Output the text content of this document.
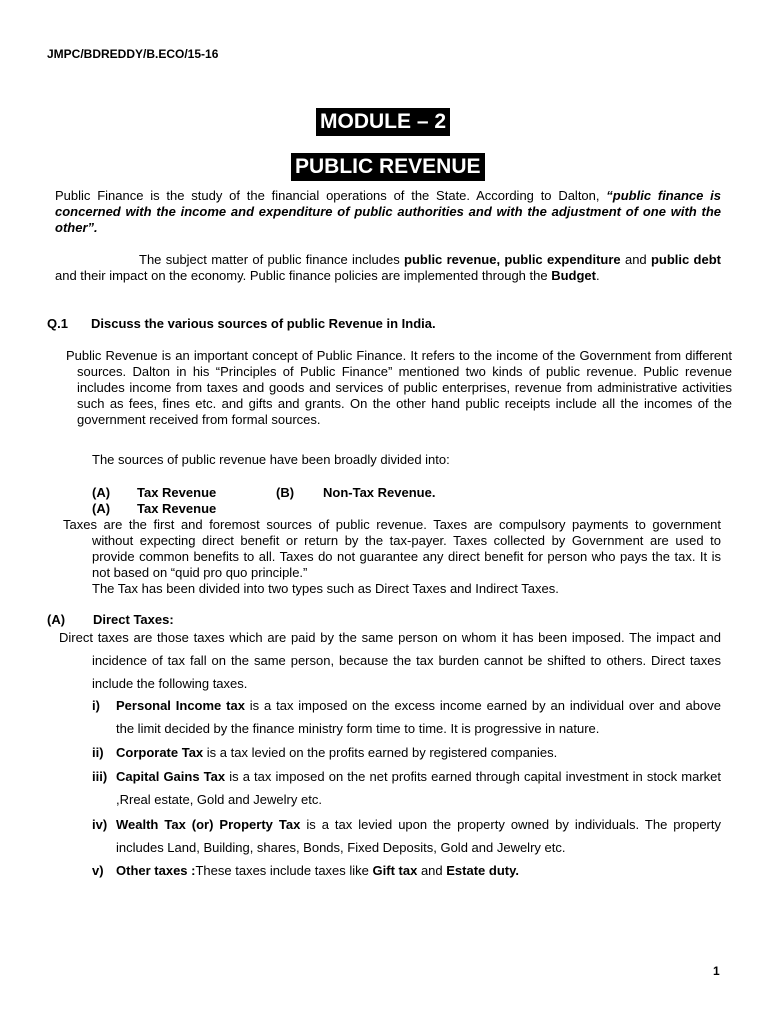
JMPC/BDREDDY/B.ECO/15-16
MODULE – 2
PUBLIC REVENUE
Public Finance is the study of the financial operations of the State. According to Dalton, “public finance is concerned with the income and expenditure of public authorities and with the adjustment of one with the other”.
The subject matter of public finance includes public revenue, public expenditure and public debt and their impact on the economy. Public finance policies are implemented through the Budget.
Q.1 Discuss the various sources of public Revenue in India.
Public Revenue is an important concept of Public Finance. It refers to the income of the Government from different sources. Dalton in his “Principles of Public Finance” mentioned two kinds of public revenue. Public revenue includes income from taxes and goods and services of public enterprises, revenue from administrative activities such as fees, fines etc. and gifts and grants. On the other hand public receipts include all the incomes of the government received from formal sources.
The sources of public revenue have been broadly divided into:
(A) Tax Revenue	(B) Non-Tax Revenue.
(A) Tax Revenue
Taxes are the first and foremost sources of public revenue. Taxes are compulsory payments to government without expecting direct benefit or return by the tax-payer. Taxes collected by Government are used to provide common benefits to all. Taxes do not guarantee any direct benefit for person who pays the tax. It is not based on “quid pro quo principle.”
The Tax has been divided into two types such as Direct Taxes and Indirect Taxes.
(A) Direct Taxes:
Direct taxes are those taxes which are paid by the same person on whom it has been imposed. The impact and incidence of tax fall on the same person, because the tax burden cannot be shifted to others. Direct taxes include the following taxes.
i) Personal Income tax is a tax imposed on the excess income earned by an individual over and above the limit decided by the finance ministry form time to time. It is progressive in nature.
ii) Corporate Tax is a tax levied on the profits earned by registered companies.
iii) Capital Gains Tax is a tax imposed on the net profits earned through capital investment in stock market ,Rreal estate, Gold and Jewelry etc.
iv) Wealth Tax (or) Property Tax is a tax levied upon the property owned by individuals. The property includes Land, Building, shares, Bonds, Fixed Deposits, Gold and Jewelry etc.
v) Other taxes :These taxes include taxes like Gift tax and Estate duty.
1
